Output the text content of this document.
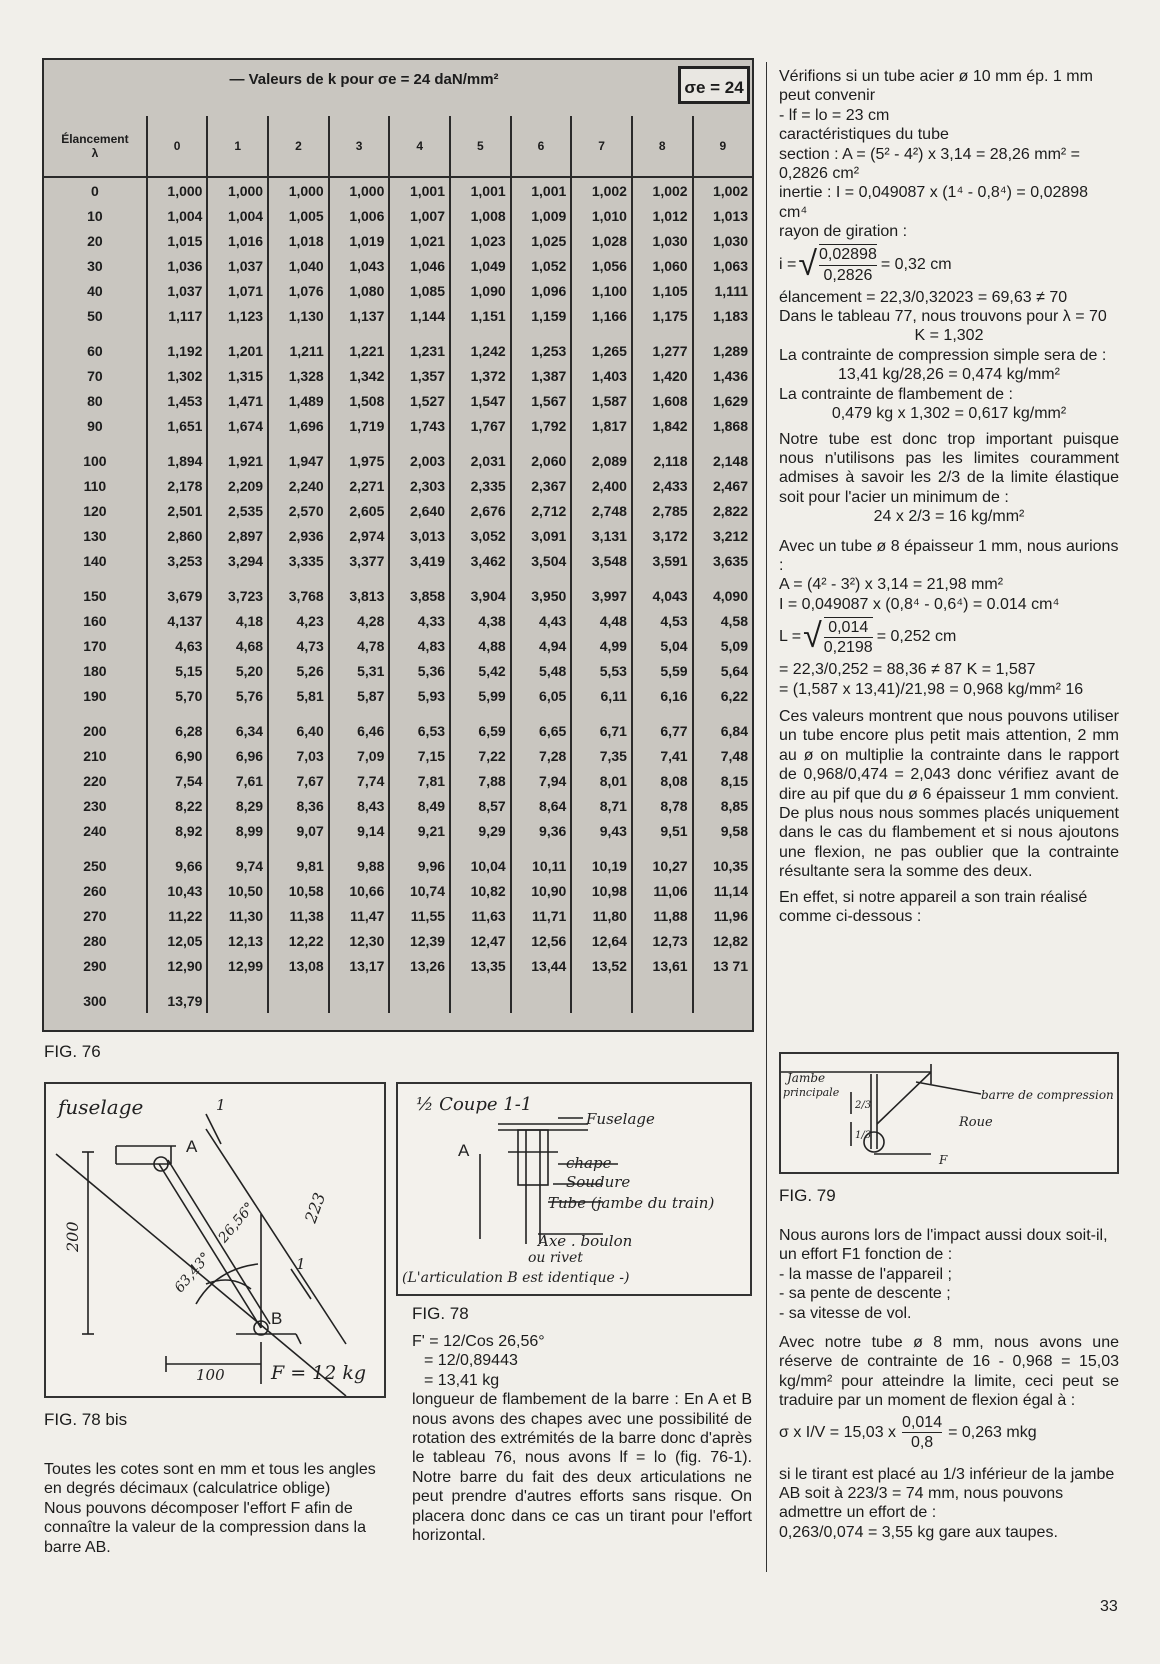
— Valeurs de k pour σe = 24 daN/mm²	σe = 24
Élancement
λ	0	1	2	3	4	5	6	7	8	9
0	1,000	1,000	1,000	1,000	1,001	1,001	1,001	1,002	1,002	1,002
10	1,004	1,004	1,005	1,006	1,007	1,008	1,009	1,010	1,012	1,013
20	1,015	1,016	1,018	1,019	1,021	1,023	1,025	1,028	1,030	1,030
30	1,036	1,037	1,040	1,043	1,046	1,049	1,052	1,056	1,060	1,063
40	1,037	1,071	1,076	1,080	1,085	1,090	1,096	1,100	1,105	1,111
50	1,117	1,123	1,130	1,137	1,144	1,151	1,159	1,166	1,175	1,183
60	1,192	1,201	1,211	1,221	1,231	1,242	1,253	1,265	1,277	1,289
70	1,302	1,315	1,328	1,342	1,357	1,372	1,387	1,403	1,420	1,436
80	1,453	1,471	1,489	1,508	1,527	1,547	1,567	1,587	1,608	1,629
90	1,651	1,674	1,696	1,719	1,743	1,767	1,792	1,817	1,842	1,868
100	1,894	1,921	1,947	1,975	2,003	2,031	2,060	2,089	2,118	2,148
110	2,178	2,209	2,240	2,271	2,303	2,335	2,367	2,400	2,433	2,467
120	2,501	2,535	2,570	2,605	2,640	2,676	2,712	2,748	2,785	2,822
130	2,860	2,897	2,936	2,974	3,013	3,052	3,091	3,131	3,172	3,212
140	3,253	3,294	3,335	3,377	3,419	3,462	3,504	3,548	3,591	3,635
150	3,679	3,723	3,768	3,813	3,858	3,904	3,950	3,997	4,043	4,090
160	4,137	4,18	4,23	4,28	4,33	4,38	4,43	4,48	4,53	4,58
170	4,63	4,68	4,73	4,78	4,83	4,88	4,94	4,99	5,04	5,09
180	5,15	5,20	5,26	5,31	5,36	5,42	5,48	5,53	5,59	5,64
190	5,70	5,76	5,81	5,87	5,93	5,99	6,05	6,11	6,16	6,22
200	6,28	6,34	6,40	6,46	6,53	6,59	6,65	6,71	6,77	6,84
210	6,90	6,96	7,03	7,09	7,15	7,22	7,28	7,35	7,41	7,48
220	7,54	7,61	7,67	7,74	7,81	7,88	7,94	8,01	8,08	8,15
230	8,22	8,29	8,36	8,43	8,49	8,57	8,64	8,71	8,78	8,85
240	8,92	8,99	9,07	9,14	9,21	9,29	9,36	9,43	9,51	9,58
250	9,66	9,74	9,81	9,88	9,96	10,04	10,11	10,19	10,27	10,35
260	10,43	10,50	10,58	10,66	10,74	10,82	10,90	10,98	11,06	11,14
270	11,22	11,30	11,38	11,47	11,55	11,63	11,71	11,80	11,88	11,96
280	12,05	12,13	12,22	12,30	12,39	12,47	12,56	12,64	12,73	12,82
290	12,90	12,99	13,08	13,17	13,26	13,35	13,44	13,52	13,61	13 71
300	13,79									
FIG. 76
fuselage
A
B
200
223
100
26,56°
63,43°
1
1
F = 12 kg
FIG. 78 bis
½ Coupe 1-1
Fuselage
A
chape
Soudure
Tube (jambe du train)
Axe . boulon
ou rivet
(L'articulation B est identique -)
FIG. 78
Jambe
principale	barre de compression
Roue
F
2/3
1/3
FIG. 79

Toutes les cotes sont en mm et tous les angles en degrés décimaux (calculatrice oblige)

Nous pouvons décomposer l'effort F afin de connaître la valeur de la compression dans la barre AB.

F' = 12/Cos 26,56°

= 12/0,89443

= 13,41 kg

longueur de flambement de la barre : En A et B nous avons des chapes avec une possibilité de rotation des extrémités de la barre donc d'après le tableau 76, nous avons lf = lo (fig. 76-1). Notre barre du fait des deux articulations ne peut prendre d'autres efforts sans risque. On placera donc dans ce cas un tirant pour l'effort horizontal.

Vérifions si un tube acier ø 10 mm ép. 1 mm peut convenir

- lf = lo = 23 cm

caractéristiques du tube

section : A = (5² - 4²) x 3,14 = 28,26 mm² = 0,2826 cm²

inertie : I = 0,049087 x (1⁴ - 0,8⁴) = 0,02898 cm⁴

rayon de giration :

i = √ $\frac{0,02898}{0,2826} = 0,32$ cm

élancement = 22,3/0,32023 = 69,63 ≠ 70

Dans le tableau 77, nous trouvons pour λ = 70

K = 1,302

La contrainte de compression simple sera de :

13,41 kg/28,26 = 0,474 kg/mm²

La contrainte de flambement de :

0,479 kg x 1,302 = 0,617 kg/mm²

Notre tube est donc trop important puisque nous n'utilisons pas les limites couramment admises à savoir les 2/3 de la limite élastique soit pour l'acier un minimum de :

24 x 2/3 = 16 kg/mm²

Avec un tube ø 8 épaisseur 1 mm, nous aurions :

A = (4² - 3²) x 3,14 = 21,98 mm²

I = 0,049087 x (0,8⁴ - 0,6⁴) = 0.014 cm⁴

L = √ $\frac{0,014}{0,2198} = 0,252$ cm

= 22,3/0,252 = 88,36 ≠ 87 K = 1,587

= (1,587 x 13,41)/21,98 = 0,968 kg/mm² 16

Ces valeurs montrent que nous pouvons utiliser un tube encore plus petit mais attention, 2 mm au ø on multiplie la contrainte dans le rapport de 0,968/0,474 = 2,043 donc vérifiez avant de dire au pif que du ø 6 épaisseur 1 mm convient. De plus nous nous sommes placés uniquement dans le cas du flambement et si nous ajoutons une flexion, ne pas oublier que la contrainte résultante sera la somme des deux.

En effet, si notre appareil a son train réalisé comme ci-dessous :

Nous aurons lors de l'impact aussi doux soit-il, un effort F1 fonction de :

- la masse de l'appareil ;

- sa pente de descente ;

- sa vitesse de vol.

Avec notre tube ø 8 mm, nous avons une réserve de contrainte de 16 - 0,968 = 15,03 kg/mm² pour atteindre la limite, ceci peut se traduire par un moment de flexion égal à :

σ x I/V = 15,03 x $\frac{0,014}{0,8} = 0,263$ mkg

si le tirant est placé au 1/3 inférieur de la jambe AB soit à 223/3 = 74 mm, nous pouvons admettre un effort de :

0,263/0,074 = 3,55 kg gare aux taupes.

33
